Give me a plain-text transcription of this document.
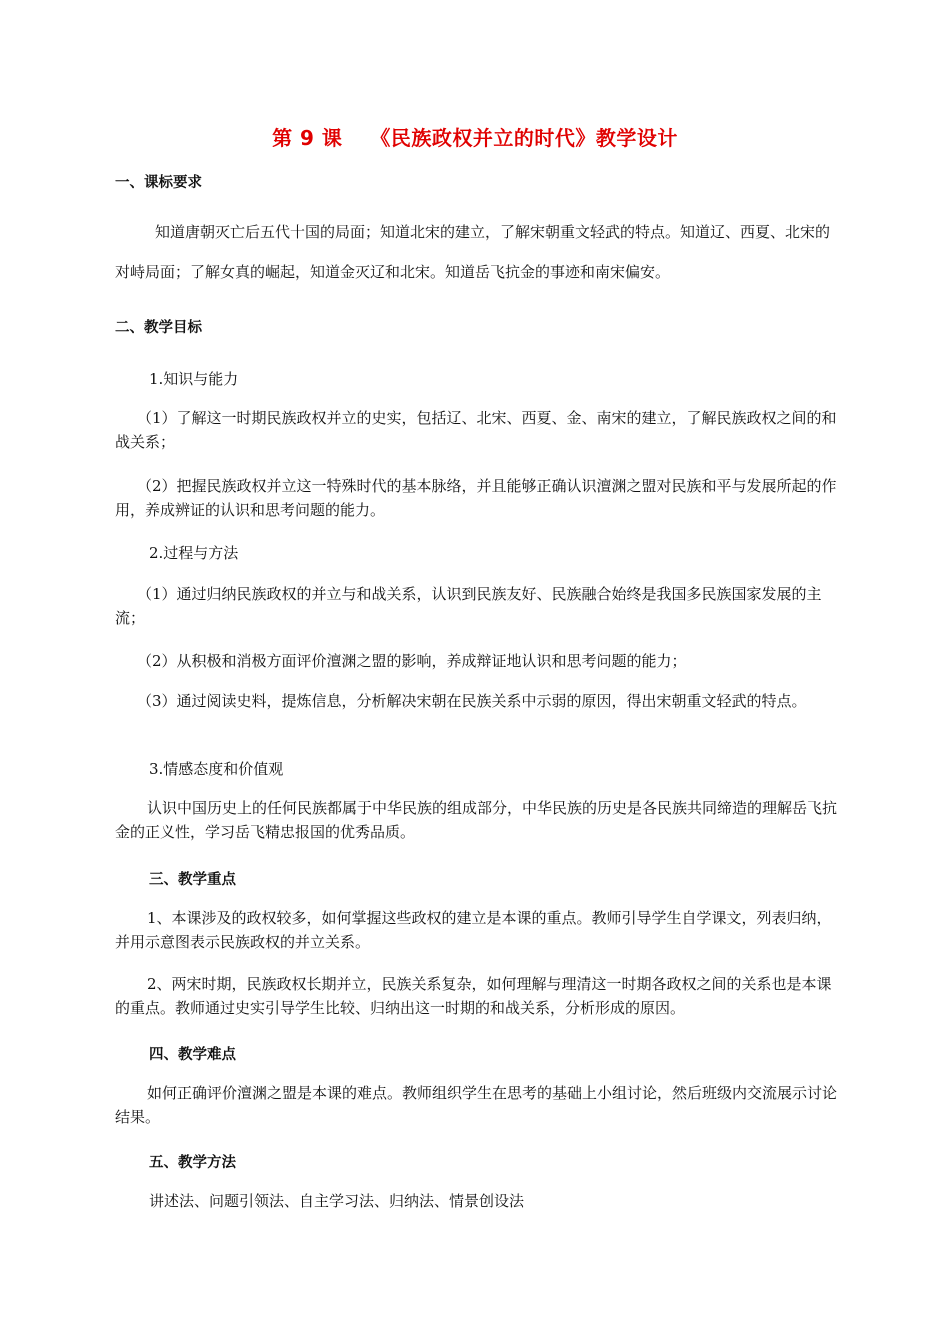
第 9 课　 《民族政权并立的时代》教学设计
一、课标要求
知道唐朝灭亡后五代十国的局面；知道北宋的建立，了解宋朝重文轻武的特点。知道辽、西夏、北宋的对峙局面；了解女真的崛起，知道金灭辽和北宋。知道岳飞抗金的事迹和南宋偏安。
二、教学目标
1.知识与能力
（1）了解这一时期民族政权并立的史实，包括辽、北宋、西夏、金、南宋的建立，了解民族政权之间的和战关系；
（2）把握民族政权并立这一特殊时代的基本脉络，并且能够正确认识澶渊之盟对民族和平与发展所起的作用，养成辨证的认识和思考问题的能力。
2.过程与方法
（1）通过归纳民族政权的并立与和战关系，认识到民族友好、民族融合始终是我国多民族国家发展的主流；
（2）从积极和消极方面评价澶渊之盟的影响，养成辩证地认识和思考问题的能力；
（3）通过阅读史料，提炼信息，分析解决宋朝在民族关系中示弱的原因，得出宋朝重文轻武的特点。
3.情感态度和价值观
认识中国历史上的任何民族都属于中华民族的组成部分，中华民族的历史是各民族共同缔造的理解岳飞抗金的正义性，学习岳飞精忠报国的优秀品质。
三、教学重点
1、本课涉及的政权较多，如何掌握这些政权的建立是本课的重点。教师引导学生自学课文，列表归纳，并用示意图表示民族政权的并立关系。
2、两宋时期，民族政权长期并立，民族关系复杂，如何理解与理清这一时期各政权之间的关系也是本课的重点。教师通过史实引导学生比较、归纳出这一时期的和战关系，分析形成的原因。
四、教学难点
如何正确评价澶渊之盟是本课的难点。教师组织学生在思考的基础上小组讨论，然后班级内交流展示讨论结果。
五、教学方法
讲述法、问题引领法、自主学习法、归纳法、情景创设法
